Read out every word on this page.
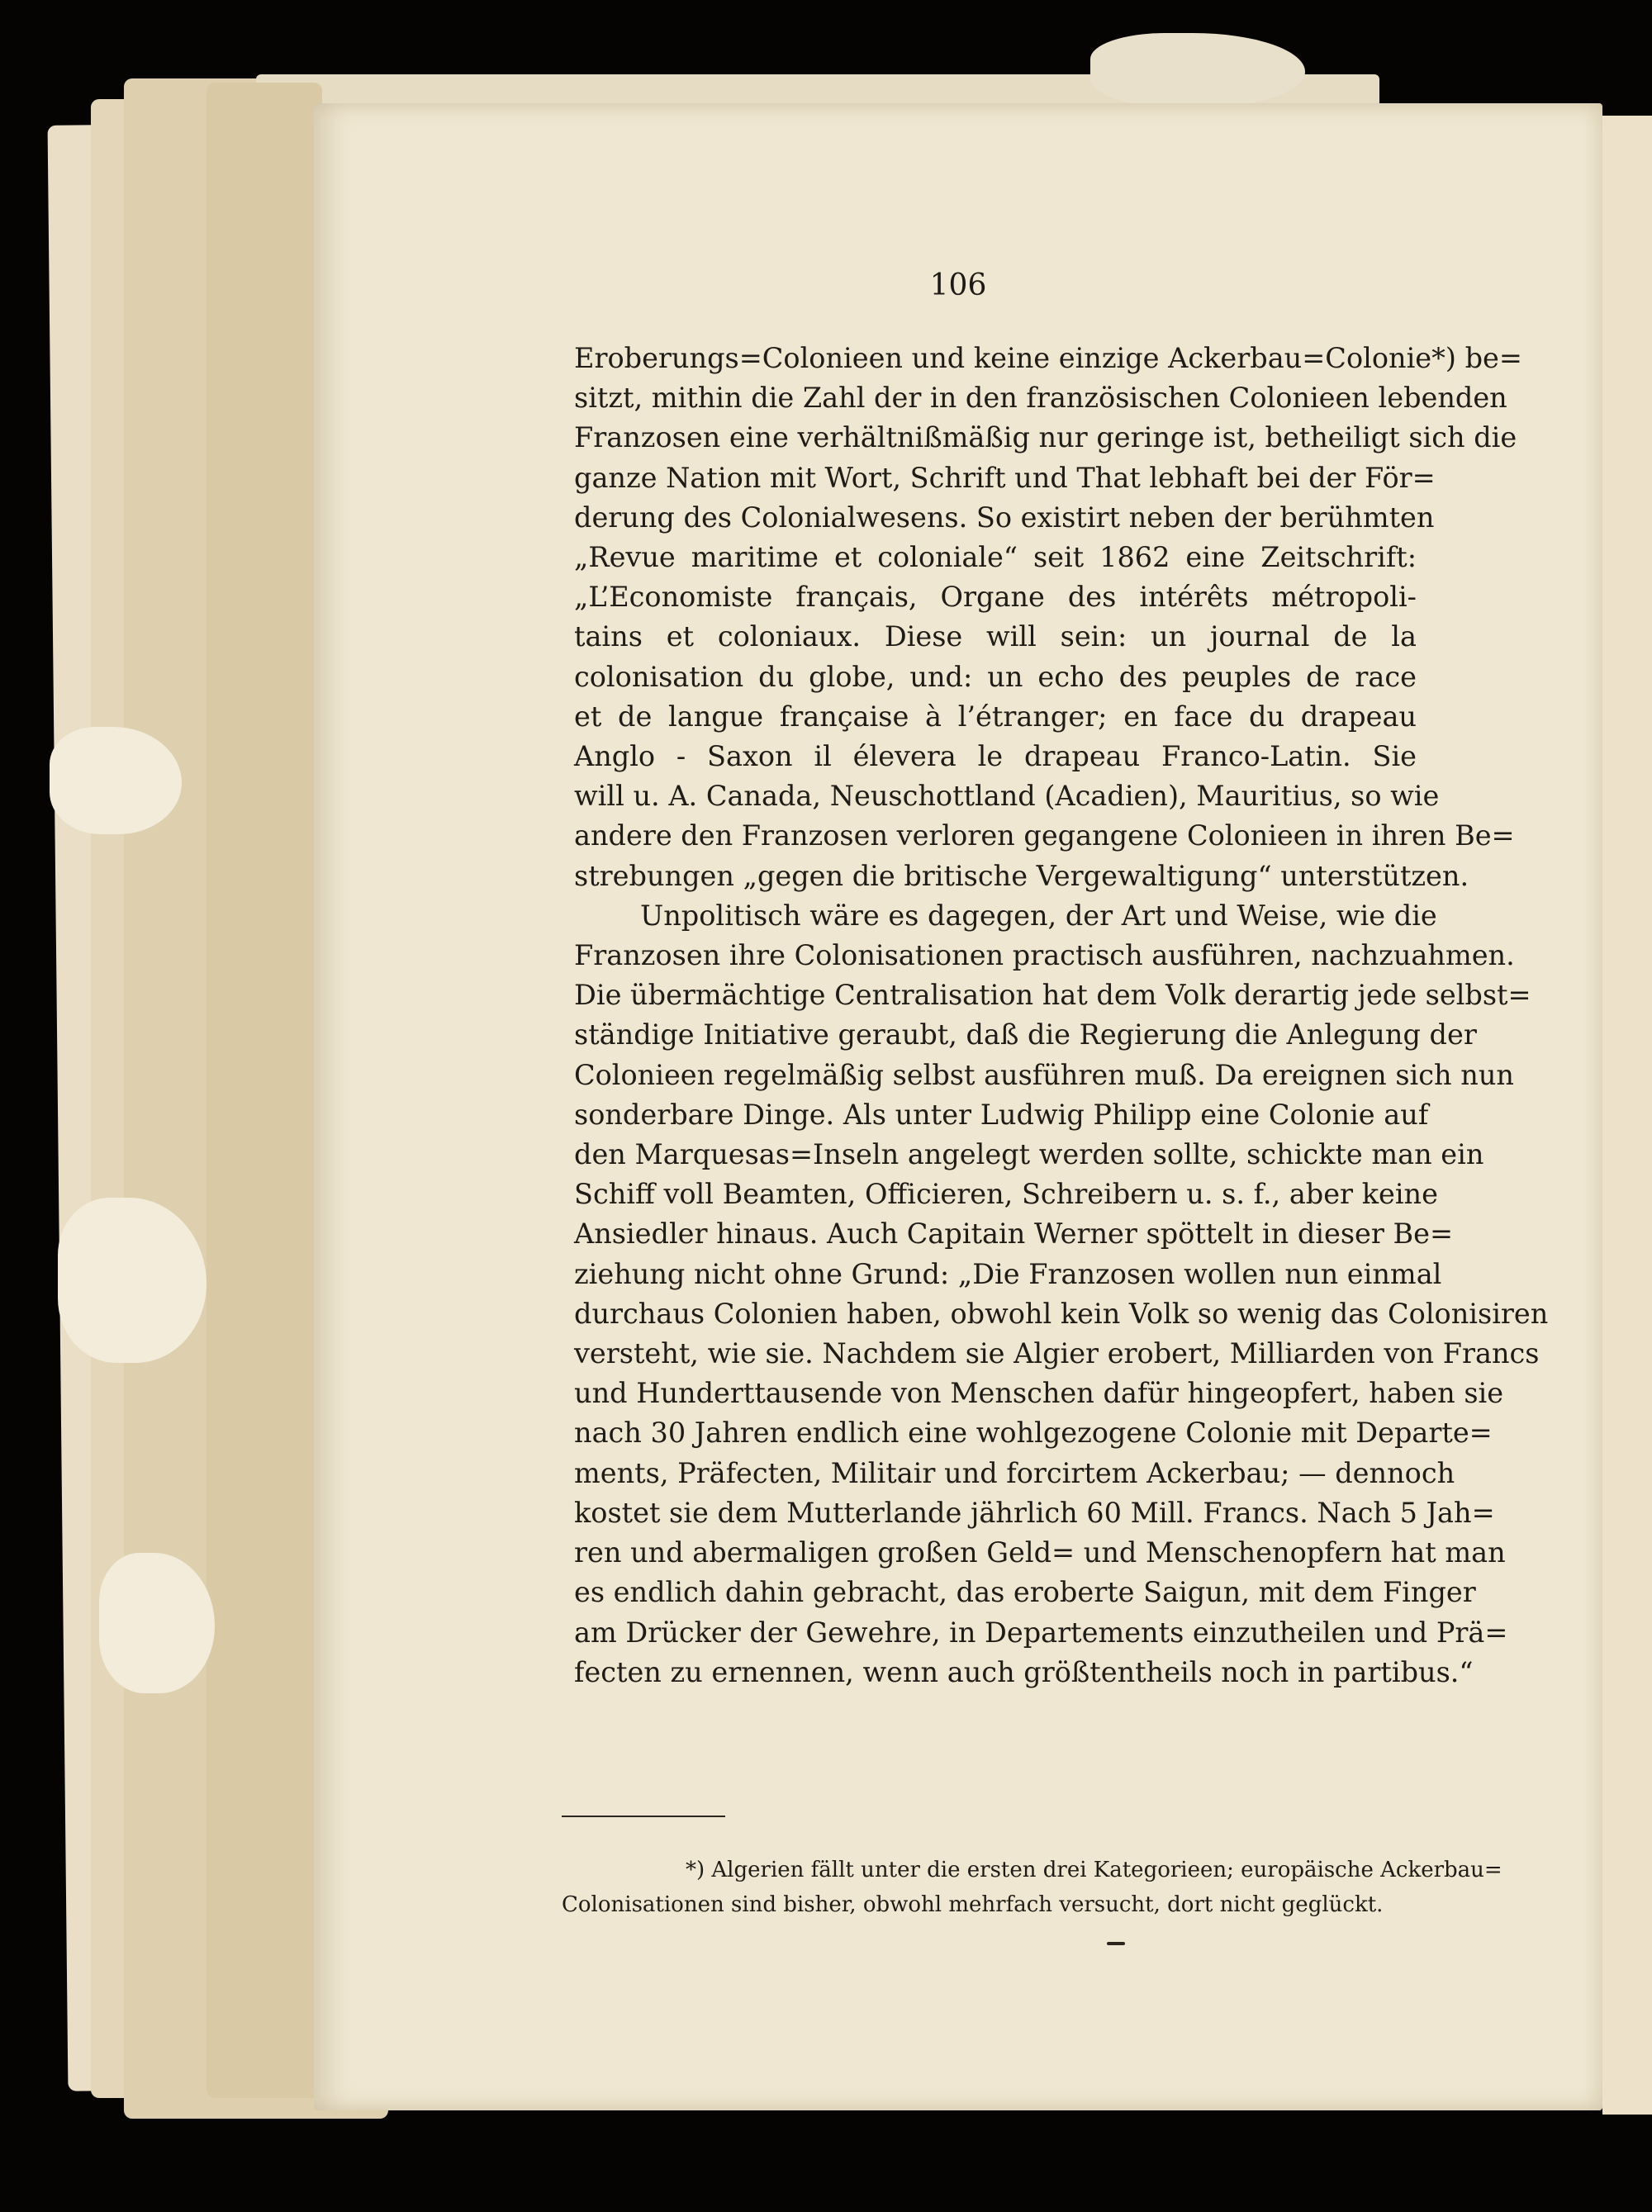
106
Eroberungs=Colonieen und keine einzige Ackerbau=Colonie*) be=
sitzt, mithin die Zahl der in den französischen Colonieen lebenden
Franzosen eine verhältnißmäßig nur geringe ist, betheiligt sich die
ganze Nation mit Wort, Schrift und That lebhaft bei der För=
derung des Colonialwesens. So existirt neben der berühmten
„Revue maritime et coloniale“ seit 1862 eine Zeitschrift:
„L’Economiste français, Organe des intérêts métropoli-
tains et coloniaux. Diese will sein: un journal de la
colonisation du globe, und: un echo des peuples de race
et de langue française à l’étranger; en face du drapeau
Anglo - Saxon il élevera le drapeau Franco-Latin. Sie
will u. A. Canada, Neuschottland (Acadien), Mauritius, so wie
andere den Franzosen verloren gegangene Colonieen in ihren Be=
strebungen „gegen die britische Vergewaltigung“ unterstützen.
Unpolitisch wäre es dagegen, der Art und Weise, wie die
Franzosen ihre Colonisationen practisch ausführen, nachzuahmen.
Die übermächtige Centralisation hat dem Volk derartig jede selbst=
ständige Initiative geraubt, daß die Regierung die Anlegung der
Colonieen regelmäßig selbst ausführen muß. Da ereignen sich nun
sonderbare Dinge. Als unter Ludwig Philipp eine Colonie auf
den Marquesas=Inseln angelegt werden sollte, schickte man ein
Schiff voll Beamten, Officieren, Schreibern u. s. f., aber keine
Ansiedler hinaus. Auch Capitain Werner spöttelt in dieser Be=
ziehung nicht ohne Grund: „Die Franzosen wollen nun einmal
durchaus Colonien haben, obwohl kein Volk so wenig das Colonisiren
versteht, wie sie. Nachdem sie Algier erobert, Milliarden von Francs
und Hunderttausende von Menschen dafür hingeopfert, haben sie
nach 30 Jahren endlich eine wohlgezogene Colonie mit Departe=
ments, Präfecten, Militair und forcirtem Ackerbau; — dennoch
kostet sie dem Mutterlande jährlich 60 Mill. Francs. Nach 5 Jah=
ren und abermaligen großen Geld= und Menschenopfern hat man
es endlich dahin gebracht, das eroberte Saigun, mit dem Finger
am Drücker der Gewehre, in Departements einzutheilen und Prä=
fecten zu ernennen, wenn auch größtentheils noch in partibus.“
*) Algerien fällt unter die ersten drei Kategorieen; europäische Ackerbau=
Colonisationen sind bisher, obwohl mehrfach versucht, dort nicht geglückt.
